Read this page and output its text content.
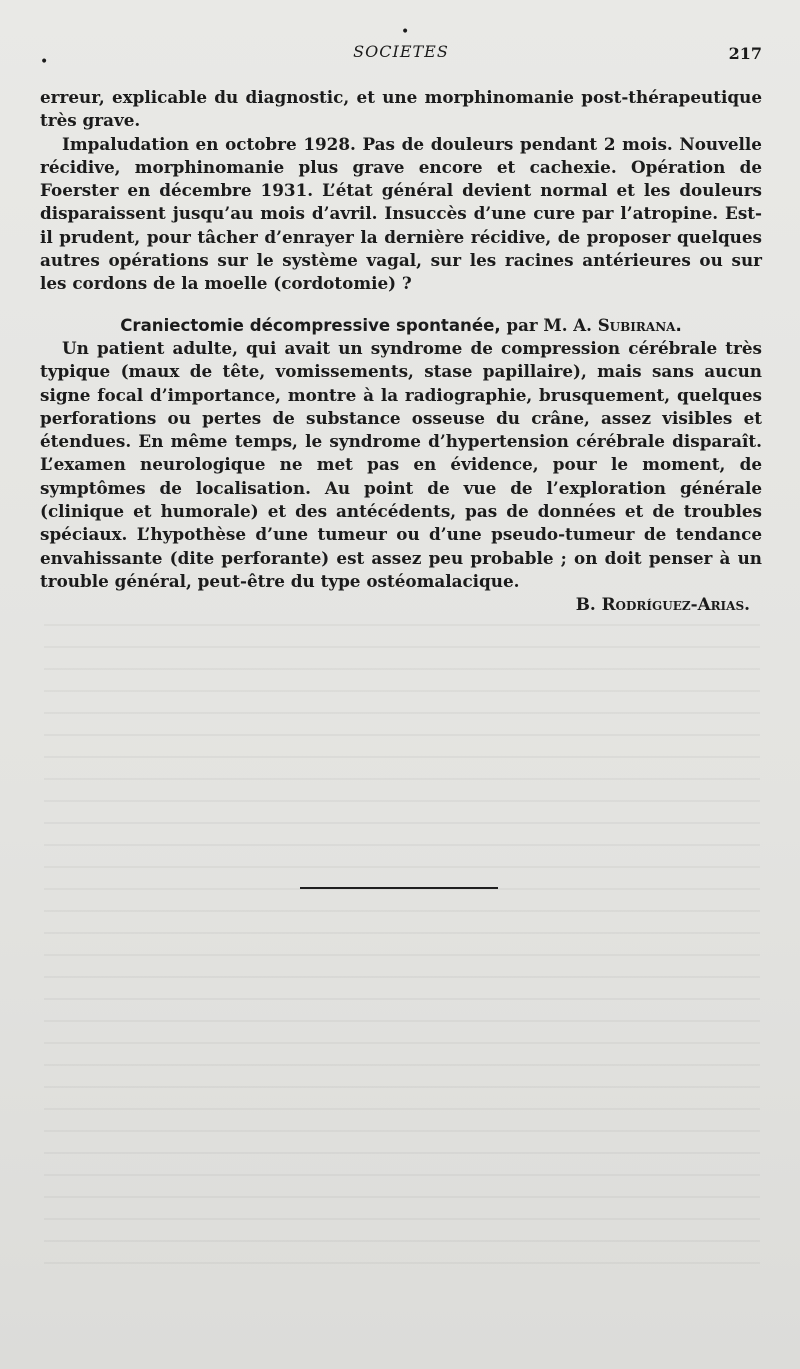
•
•
SOCIETES	217

erreur, explicable du diagnostic, et une morphinomanie post-thérapeutique très grave.

Impaludation en octobre 1928. Pas de douleurs pendant 2 mois. Nouvelle récidive, morphinomanie plus grave encore et cachexie. Opération de Foerster en décembre 1931. L’état général devient normal et les douleurs disparaissent jusqu’au mois d’avril. Insuccès d’une cure par l’atropine. Est-il prudent, pour tâcher d’enrayer la dernière récidive, de proposer quelques autres opérations sur le système vagal, sur les racines antérieures ou sur les cordons de la moelle (cordotomie) ?

Craniectomie décompressive spontanée, par M. A. Subirana.

Un patient adulte, qui avait un syndrome de compression cérébrale très typique (maux de tête, vomissements, stase papillaire), mais sans aucun signe focal d’importance, montre à la radiographie, brusquement, quelques perforations ou pertes de substance osseuse du crâne, assez visibles et étendues. En même temps, le syndrome d’hypertension cérébrale disparaît. L’examen neurologique ne met pas en évidence, pour le moment, de symptômes de localisation. Au point de vue de l’exploration générale (clinique et humorale) et des antécédents, pas de données et de troubles spéciaux. L’hypothèse d’une tumeur ou d’une pseudo-tumeur de tendance envahissante (dite perforante) est assez peu probable ; on doit penser à un trouble général, peut-être du type ostéomalacique.

B. Rodríguez-Arias.
